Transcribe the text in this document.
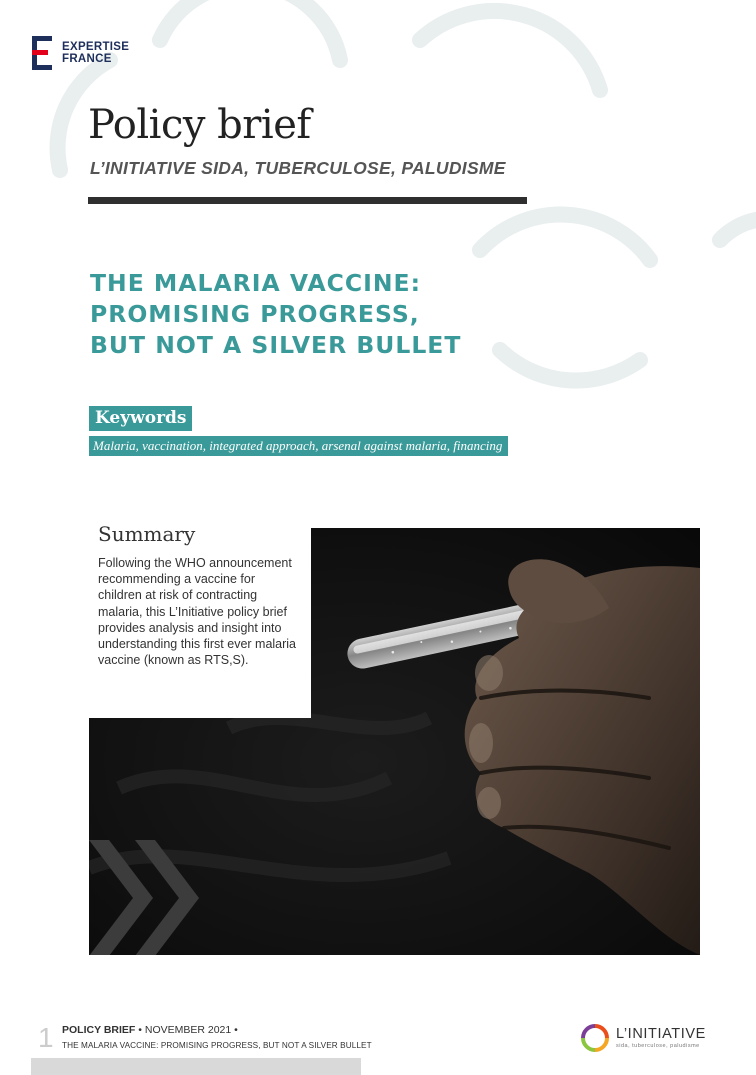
EXPERTISE
FRANCE
Policy brief
L’INITIATIVE SIDA, TUBERCULOSE, PALUDISME
THE MALARIA VACCINE:
PROMISING PROGRESS,
BUT NOT A SILVER BULLET
Keywords
Malaria, vaccination, integrated approach, arsenal against malaria, financing
Summary
Following the WHO announcement recommending a vaccine for children at risk of contracting malaria, this L’Initiative policy brief provides analysis and insight into understanding this first ever malaria vaccine (known as RTS,S).
1 POLICY BRIEF • NOVEMBER 2021 •
THE MALARIA VACCINE: PROMISING PROGRESS, BUT NOT A SILVER BULLET
L’INITIATIVE
sida, tuberculose, paludisme
